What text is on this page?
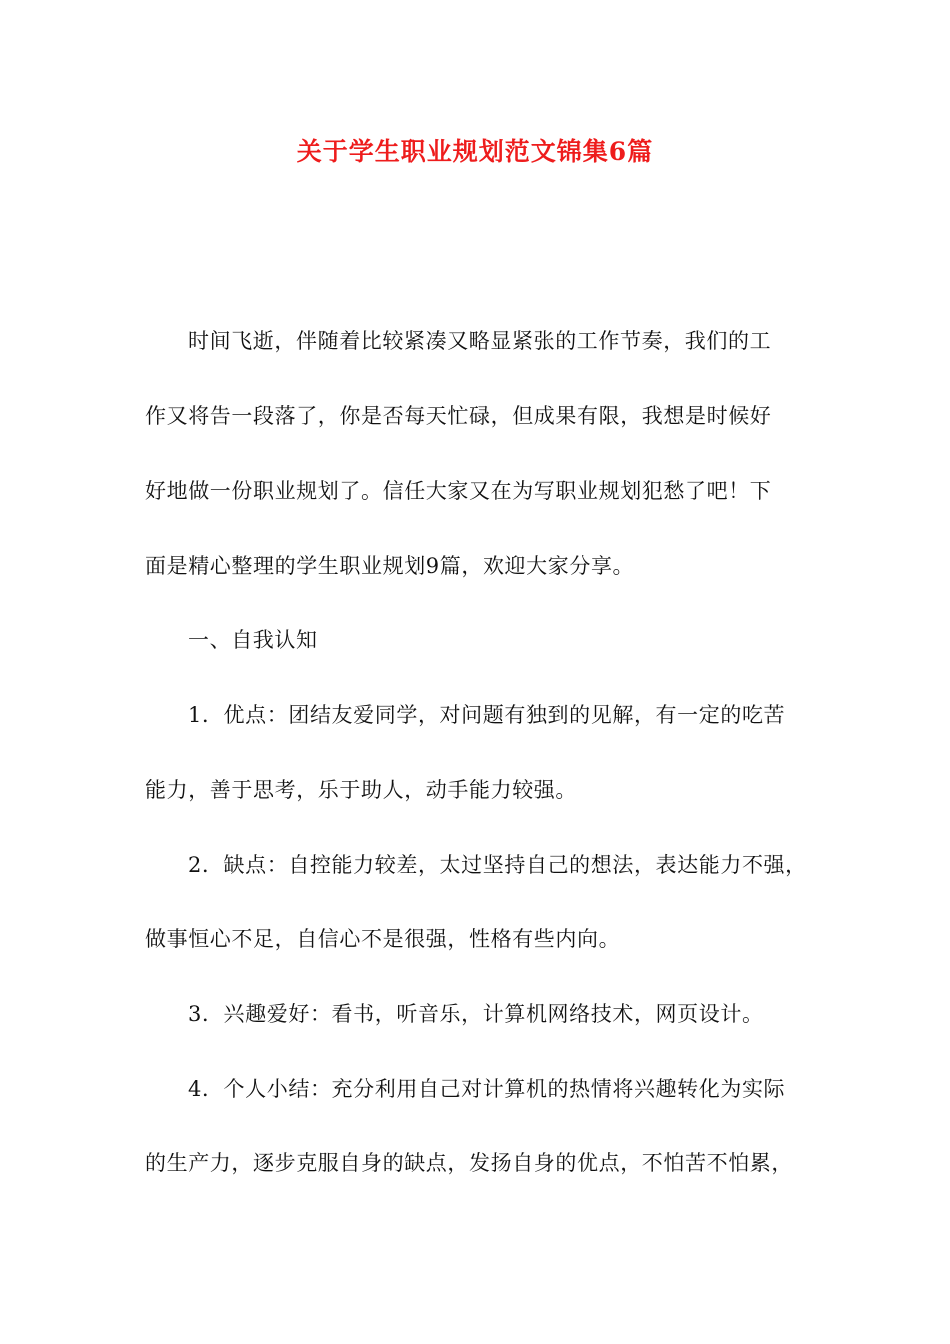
关于学生职业规划范文锦集6篇
时间飞逝，伴随着比较紧凑又略显紧张的工作节奏，我们的工
作又将告一段落了，你是否每天忙碌，但成果有限，我想是时候好
好地做一份职业规划了。信任大家又在为写职业规划犯愁了吧！下
面是精心整理的学生职业规划9篇，欢迎大家分享。
一、自我认知
1．优点：团结友爱同学，对问题有独到的见解，有一定的吃苦
能力，善于思考，乐于助人，动手能力较强。
2．缺点：自控能力较差，太过坚持自己的想法，表达能力不强，
做事恒心不足，自信心不是很强，性格有些内向。
3．兴趣爱好：看书，听音乐，计算机网络技术，网页设计。
4．个人小结：充分利用自己对计算机的热情将兴趣转化为实际
的生产力，逐步克服自身的缺点，发扬自身的优点，不怕苦不怕累，
